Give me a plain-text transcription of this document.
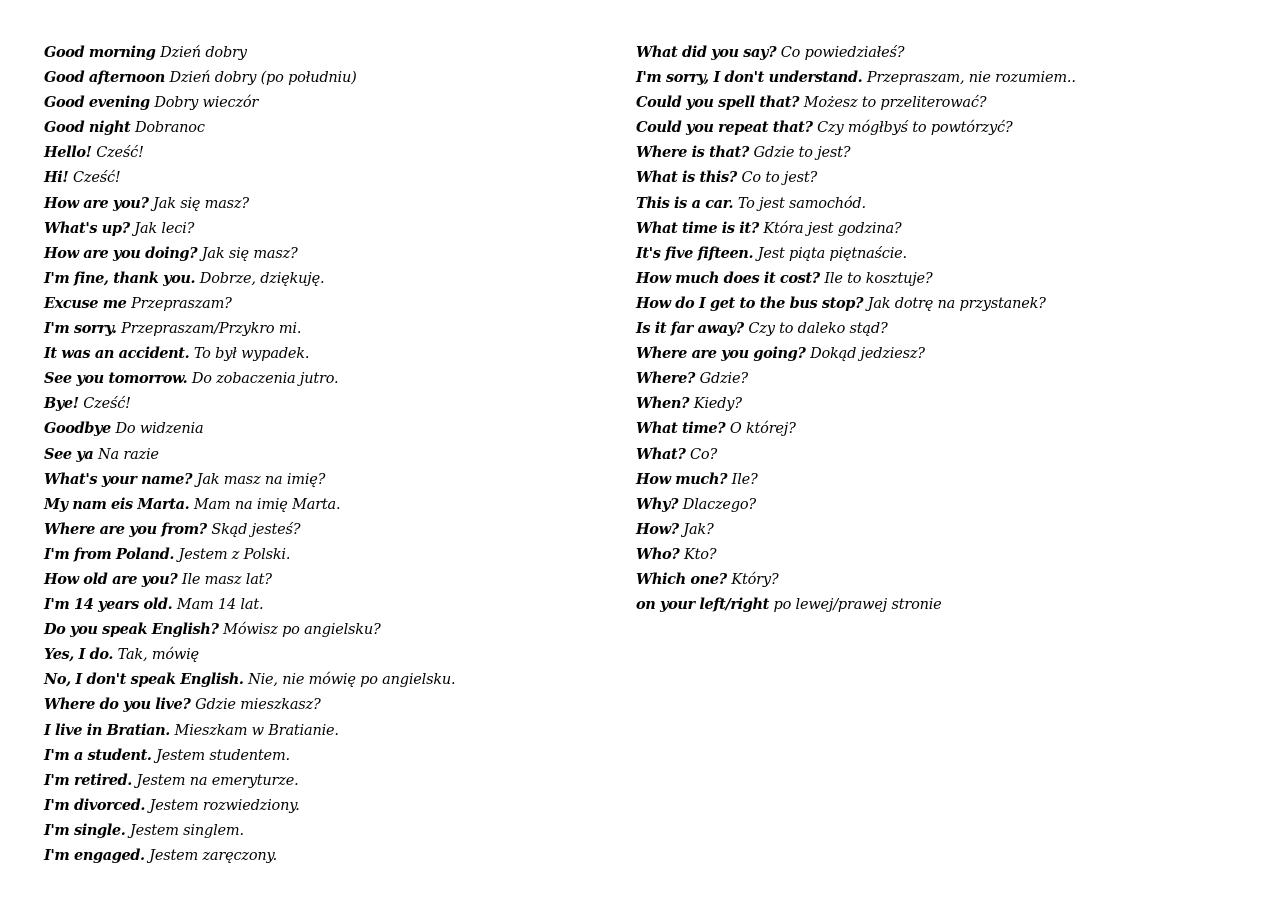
Good morning Dzień dobry
Good afternoon Dzień dobry (po południu)
Good evening Dobry wieczór
Good night Dobranoc
Hello! Cześć!
Hi! Cześć!
How are you? Jak się masz?
What's up? Jak leci?
How are you doing? Jak się masz?
I'm fine, thank you. Dobrze, dziękuję.
Excuse me Przepraszam?
I'm sorry. Przepraszam/Przykro mi.
It was an accident. To był wypadek.
See you tomorrow. Do zobaczenia jutro.
Bye! Cześć!
Goodbye Do widzenia
See ya Na razie
What's your name? Jak masz na imię?
My nam eis Marta. Mam na imię Marta.
Where are you from? Skąd jesteś?
I'm from Poland. Jestem z Polski.
How old are you? Ile masz lat?
I'm 14 years old. Mam 14 lat.
Do you speak English? Mówisz po angielsku?
Yes, I do. Tak, mówię
No, I don't speak English. Nie, nie mówię po angielsku.
Where do you live? Gdzie mieszkasz?
I live in Bratian. Mieszkam w Bratianie.
I'm a student. Jestem studentem.
I'm retired. Jestem na emeryturze.
I'm divorced. Jestem rozwiedziony.
I'm single. Jestem singlem.
I'm engaged. Jestem zaręczony.
What did you say? Co powiedziałeś?
I'm sorry, I don't understand. Przepraszam, nie rozumiem..
Could you spell that? Możesz to przeliterować?
Could you repeat that? Czy mógłbyś to powtórzyć?
Where is that? Gdzie to jest?
What is this? Co to jest?
This is a car. To jest samochód.
What time is it? Która jest godzina?
It's five fifteen. Jest piąta piętnaście.
How much does it cost? Ile to kosztuje?
How do I get to the bus stop? Jak dotrę na przystanek?
Is it far away? Czy to daleko stąd?
Where are you going? Dokąd jedziesz?
Where? Gdzie?
When? Kiedy?
What time? O której?
What? Co?
How much? Ile?
Why? Dlaczego?
How? Jak?
Who? Kto?
Which one? Który?
on your left/right po lewej/prawej stronie
